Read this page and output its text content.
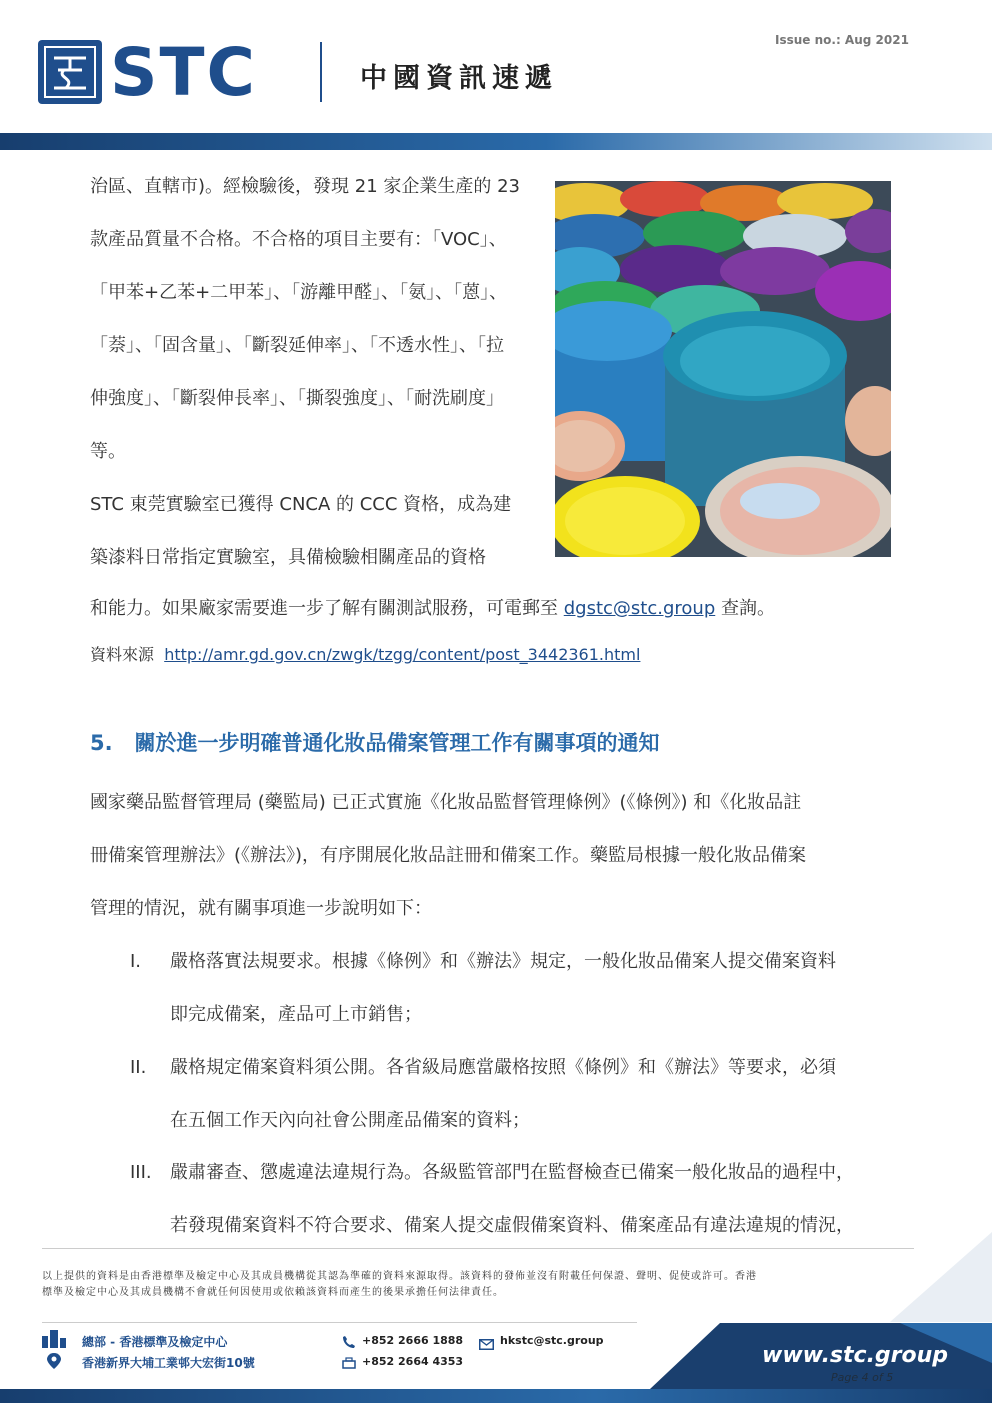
STC	中國資訊速遞
Issue no.: Aug 2021
治區、直轄市)。經檢驗後，發現 21 家企業生產的 23
款產品質量不合格。不合格的項目主要有：「VOC」、
「甲苯+乙苯+二甲苯」、「游離甲醛」、「氨」、「蒽」、
「萘」、「固含量」、「斷裂延伸率」、「不透水性」、「拉
伸強度」、「斷裂伸長率」、「撕裂強度」、「耐洗刷度」
等。
STC 東莞實驗室已獲得 CNCA 的 CCC 資格，成為建
築漆料日常指定實驗室，具備檢驗相關產品的資格
和能力。如果廠家需要進一步了解有關測試服務，可電郵至 dgstc@stc.group 查詢。
資料來源 http://amr.gd.gov.cn/zwgk/tzgg/content/post_3442361.html
5. 關於進一步明確普通化妝品備案管理工作有關事項的通知
國家藥品監督管理局 (藥監局) 已正式實施《化妝品監督管理條例》(《條例》) 和《化妝品註
冊備案管理辦法》(《辦法》)，有序開展化妝品註冊和備案工作。藥監局根據一般化妝品備案
管理的情況，就有關事項進一步說明如下：
I. 嚴格落實法規要求。根據《條例》和《辦法》規定，一般化妝品備案人提交備案資料
即完成備案，產品可上市銷售；
II. 嚴格規定備案資料須公開。各省級局應當嚴格按照《條例》和《辦法》等要求，必須
在五個工作天內向社會公開產品備案的資料；
III. 嚴肅審查、懲處違法違規行為。各級監管部門在監督檢查已備案一般化妝品的過程中，
若發現備案資料不符合要求、備案人提交虛假備案資料、備案產品有違法違規的情況，
以上提供的資料是由香港標準及檢定中心及其成員機構從其認為準確的資料來源取得。該資料的發佈並沒有附載任何保證、聲明、促使或許可。香港
標準及檢定中心及其成員機構不會就任何因使用或依賴該資料而產生的後果承擔任何法律責任。
總部 - 香港標準及檢定中心
香港新界大埔工業邨大宏街10號
+852 2666 1888
+852 2664 4353
hkstc@stc.group
www.stc.group
Page 4 of 5
